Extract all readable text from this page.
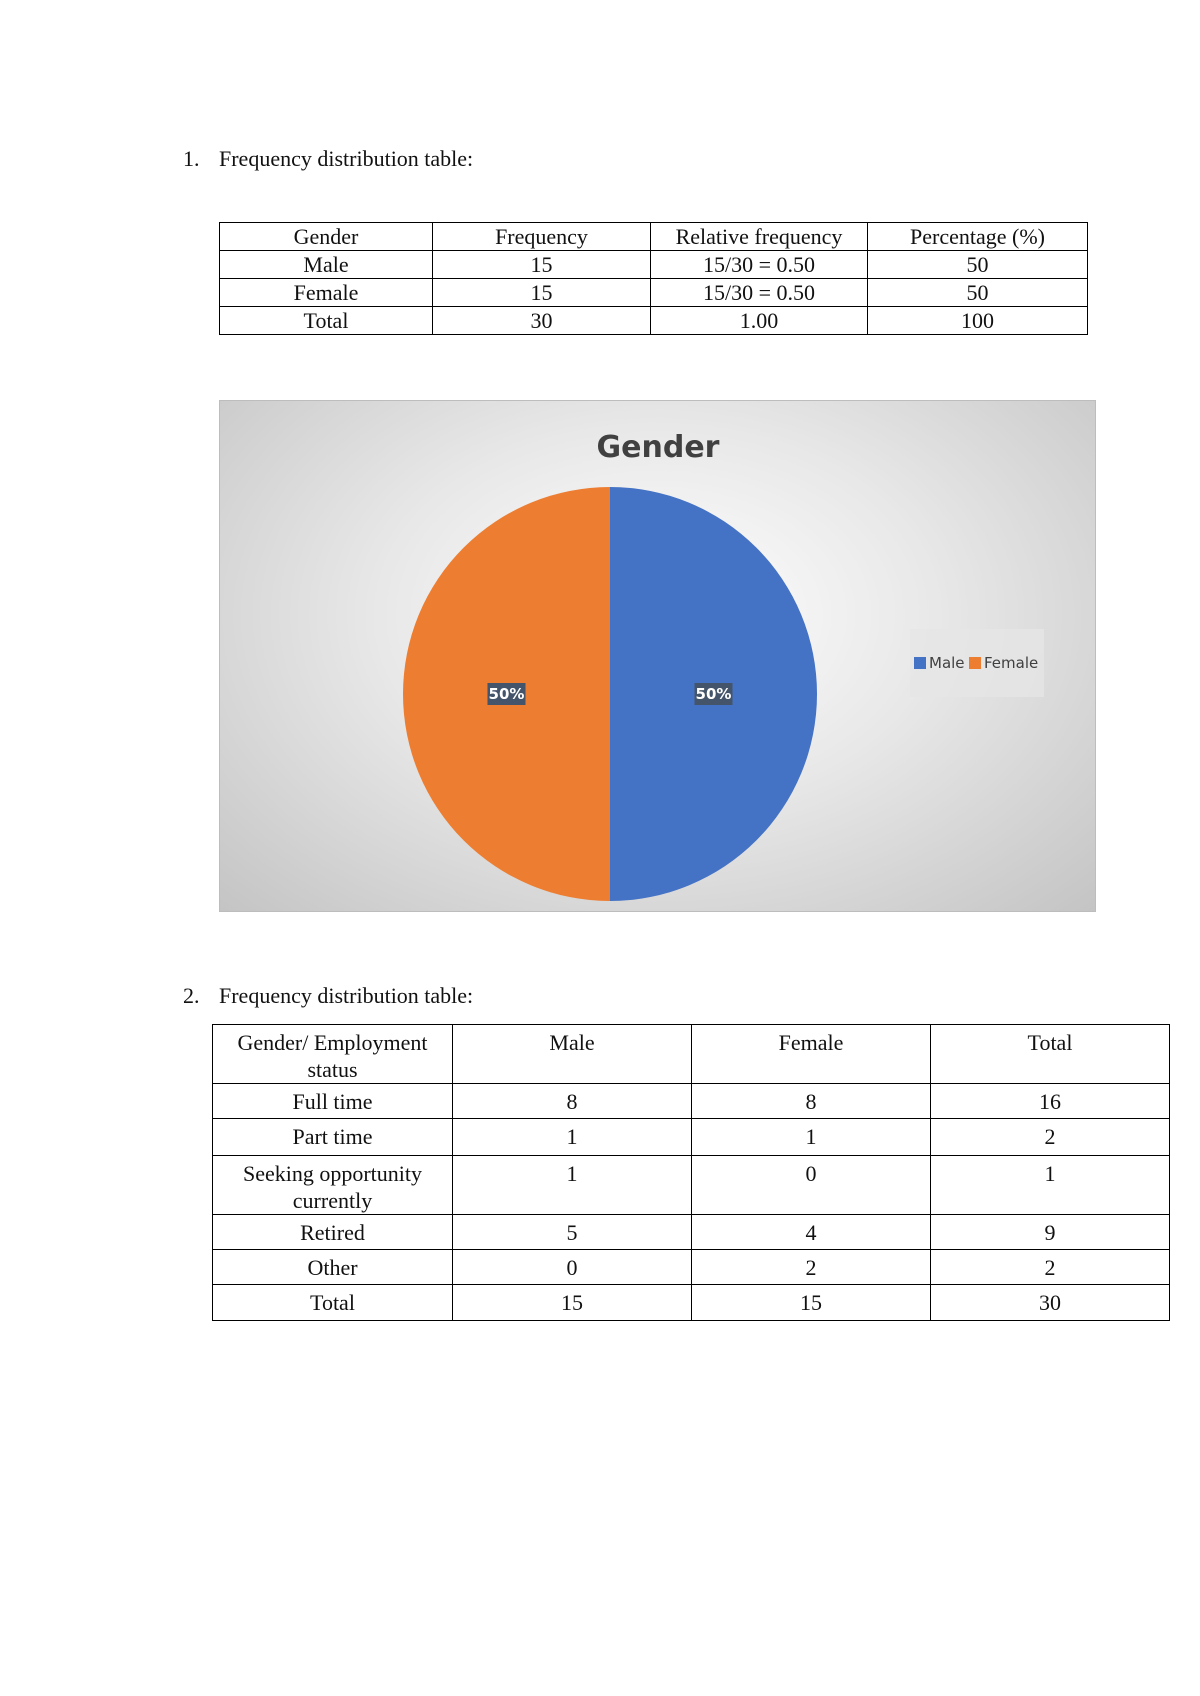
1. Frequency distribution table:
Gender	Frequency	Relative frequency	Percentage (%)
Male	15	15/30 = 0.50	50
Female	15	15/30 = 0.50	50
Total	30	1.00	100
Gender
50%
50%
Male Female
2. Frequency distribution table:
Gender/ Employment status	Male	Female	Total
Full time	8	8	16
Part time	1	1	2
Seeking opportunity currently	1	0	1
Retired	5	4	9
Other	0	2	2
Total	15	15	30
